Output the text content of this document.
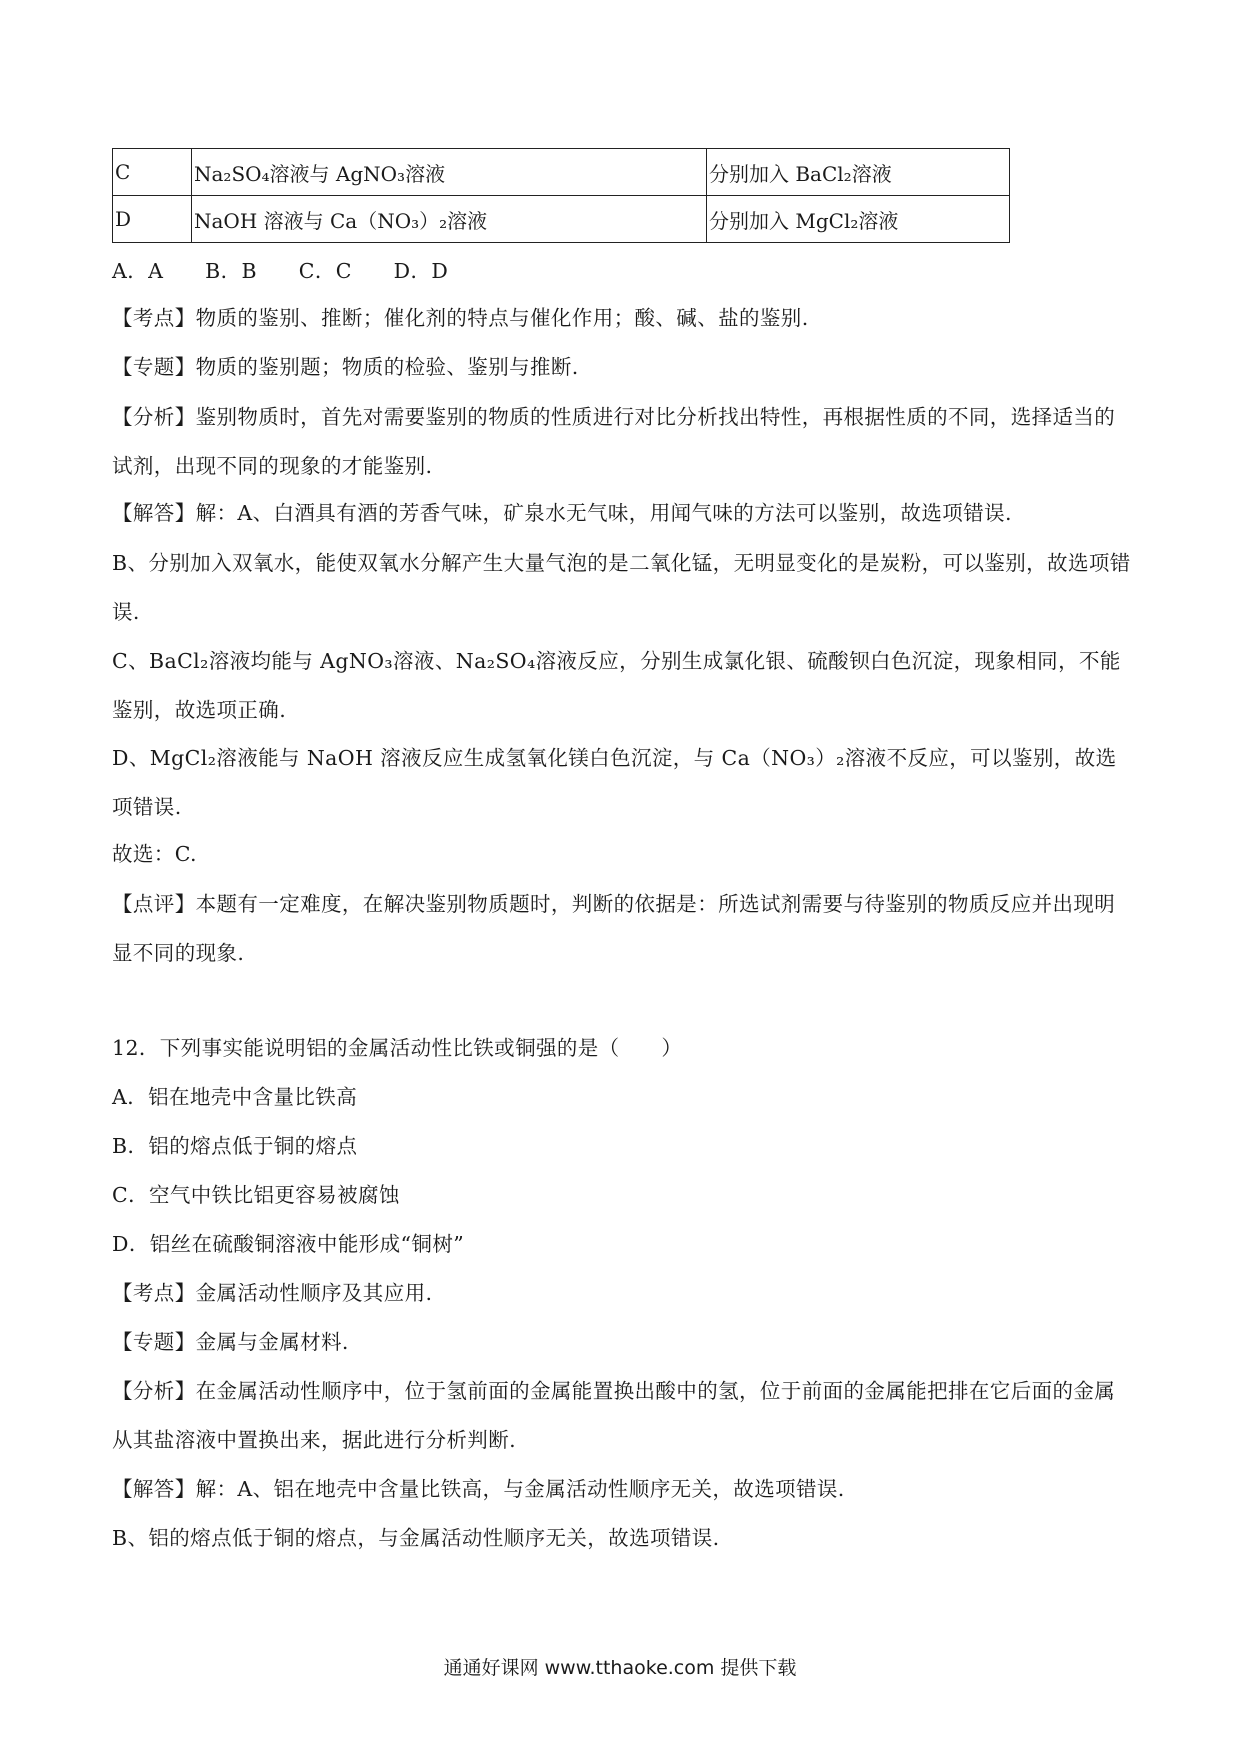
C	Na₂SO₄溶液与 AgNO₃溶液	分别加入 BaCl₂溶液
D	NaOH 溶液与 Ca（NO₃）₂溶液	分别加入 MgCl₂溶液
A．A　　B．B　　C．C　　D．D
【考点】物质的鉴别、推断；催化剂的特点与催化作用；酸、碱、盐的鉴别.
【专题】物质的鉴别题；物质的检验、鉴别与推断.
【分析】鉴别物质时，首先对需要鉴别的物质的性质进行对比分析找出特性，再根据性质的不同，选择适当的试剂，出现不同的现象的才能鉴别.
【解答】解：A、白酒具有酒的芳香气味，矿泉水无气味，用闻气味的方法可以鉴别，故选项错误.
B、分别加入双氧水，能使双氧水分解产生大量气泡的是二氧化锰，无明显变化的是炭粉，可以鉴别，故选项错误.
C、BaCl₂溶液均能与 AgNO₃溶液、Na₂SO₄溶液反应，分别生成氯化银、硫酸钡白色沉淀，现象相同，不能鉴别，故选项正确.
D、MgCl₂溶液能与 NaOH 溶液反应生成氢氧化镁白色沉淀，与 Ca（NO₃）₂溶液不反应，可以鉴别，故选项错误.
故选：C.
【点评】本题有一定难度，在解决鉴别物质题时，判断的依据是：所选试剂需要与待鉴别的物质反应并出现明显不同的现象.
12．下列事实能说明铝的金属活动性比铁或铜强的是（　　）
A．铝在地壳中含量比铁高
B．铝的熔点低于铜的熔点
C．空气中铁比铝更容易被腐蚀
D．铝丝在硫酸铜溶液中能形成“铜树”
【考点】金属活动性顺序及其应用.
【专题】金属与金属材料.
【分析】在金属活动性顺序中，位于氢前面的金属能置换出酸中的氢，位于前面的金属能把排在它后面的金属从其盐溶液中置换出来，据此进行分析判断.
【解答】解：A、铝在地壳中含量比铁高，与金属活动性顺序无关，故选项错误.
B、铝的熔点低于铜的熔点，与金属活动性顺序无关，故选项错误.
通通好课网 www.tthaoke.com 提供下载
